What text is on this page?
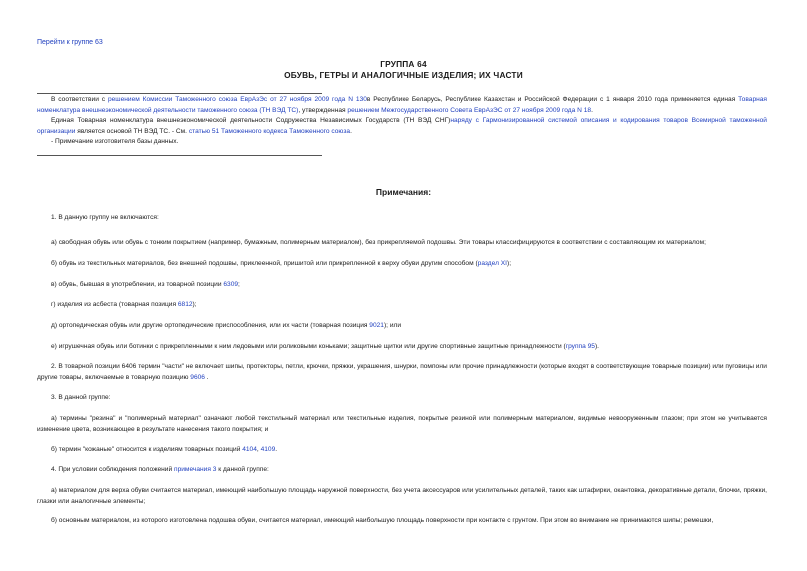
Перейти к группе 63
ГРУППА 64
ОБУВЬ, ГЕТРЫ И АНАЛОГИЧНЫЕ ИЗДЕЛИЯ; ИХ ЧАСТИ
В соответствии с решением Комиссии Таможенного союза ЕврАзЭс от 27 ноября 2009 года N 130в Республике Беларусь, Республике Казахстан и Российской Федерации с 1 января 2010 года применяется единая Товарная номенклатура внешнеэкономической деятельности таможенного союза (ТН ВЭД ТС), утвержденная решением Межгосударственного Совета ЕврАзЭС от 27 ноября 2009 года N 18.
Единая Товарная номенклатура внешнеэкономической деятельности Содружества Независимых Государств (ТН ВЭД СНГ)наряду с Гармонизированной системой описания и кодирования товаров Всемирной таможенной организации является основой ТН ВЭД ТС. - См. статью 51 Таможенного кодекса Таможенного союза.
- Примечание изготовителя базы данных.
Примечания:
1. В данную группу не включаются:
а) свободная обувь или обувь с тонким покрытием (например, бумажным, полимерным материалом), без прикрепляемой подошвы. Эти товары классифицируются в соответствии с составляющим их материалом;
б) обувь из текстильных материалов, без внешней подошвы, приклеенной, пришитой или прикрепленной к верху обуви другим способом (раздел XI);
в) обувь, бывшая в употреблении, из товарной позиции 6309;
г) изделия из асбеста (товарная позиция 6812);
д) ортопедическая обувь или другие ортопедические приспособления, или их части (товарная позиция 9021); или
е) игрушечная обувь или ботинки с прикрепленными к ним ледовыми или роликовыми коньками; защитные щитки или другие спортивные защитные принадлежности (группа 95).
2. В товарной позиции 6406 термин "части" не включает шипы, протекторы, петли, крючки, пряжки, украшения, шнурки, помпоны или прочие принадлежности (которые входят в соответствующие товарные позиции) или пуговицы или другие товары, включаемые в товарную позицию 9606 .
3. В данной группе:
а) термины "резина" и "полимерный материал" означают любой текстильный материал или текстильные изделия, покрытые резиной или полимерным материалом, видимые невооруженным глазом; при этом не учитывается изменение цвета, возникающее в результате нанесения такого покрытия; и
б) термин "кожаные" относится к изделиям товарных позиций 4104, 4109.
4. При условии соблюдения положений примечания 3 к данной группе:
а) материалом для верха обуви считается материал, имеющий наибольшую площадь наружной поверхности, без учета аксессуаров или усилительных деталей, таких как штафирки, окантовка, декоративные детали, блочки, пряжки, глазки или аналогичные элементы;
б) основным материалом, из которого изготовлена подошва обуви, считается материал, имеющий наибольшую площадь поверхности при контакте с грунтом. При этом во внимание не принимаются шипы; ремешки,
